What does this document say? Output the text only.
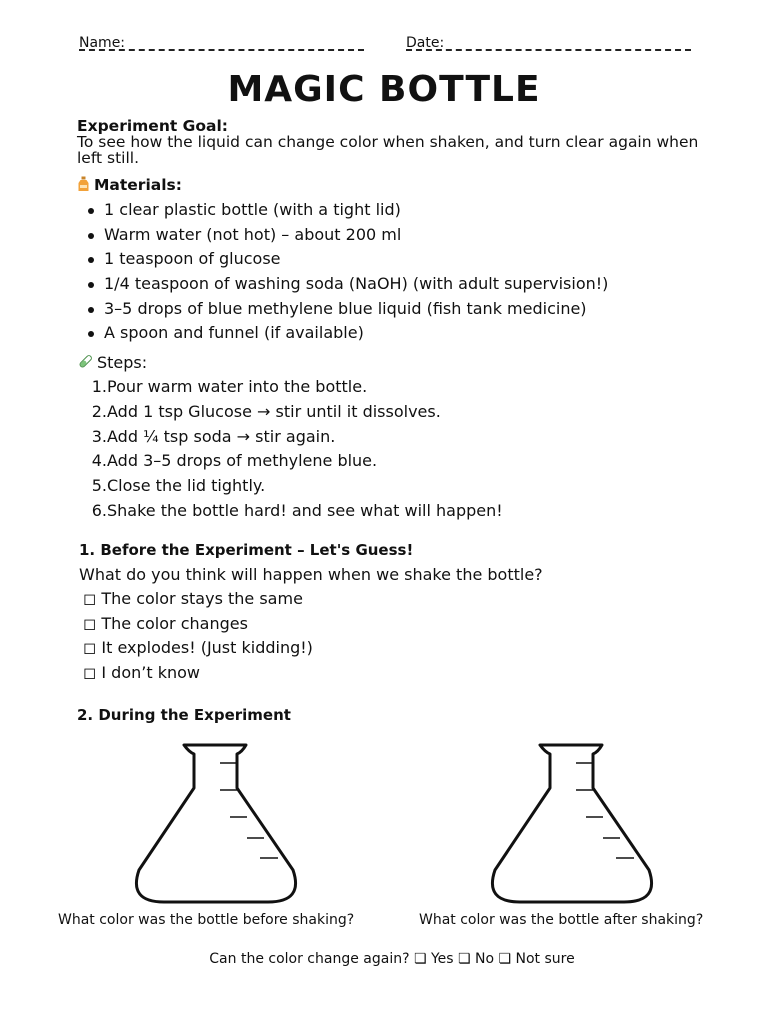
Name:	Date:
MAGIC BOTTLE
Experiment Goal:
To see how the liquid can change color when shaken, and turn clear again when left still.
Materials:
1 clear plastic bottle (with a tight lid)
Warm water (not hot) – about 200 ml
1 teaspoon of glucose
1/4 teaspoon of washing soda (NaOH) (with adult supervision!)
3–5 drops of blue methylene blue liquid (fish tank medicine)
A spoon and funnel (if available)
Steps:
1. Pour warm water into the bottle.
2. Add 1 tsp Glucose → stir until it dissolves.
3. Add ¼ tsp soda → stir again.
4. Add 3–5 drops of methylene blue.
5. Close the lid tightly.
6. Shake the bottle hard! and see what will happen!
1. Before the Experiment – Let's Guess!
What do you think will happen when we shake the bottle?
◻ The color stays the same
◻ The color changes
◻ It explodes! (Just kidding!)
◻ I don’t know
2. During the Experiment
What color was the bottle before shaking?	What color was the bottle after shaking?
Can the color change again? ❏ Yes ❏ No ❏ Not sure
